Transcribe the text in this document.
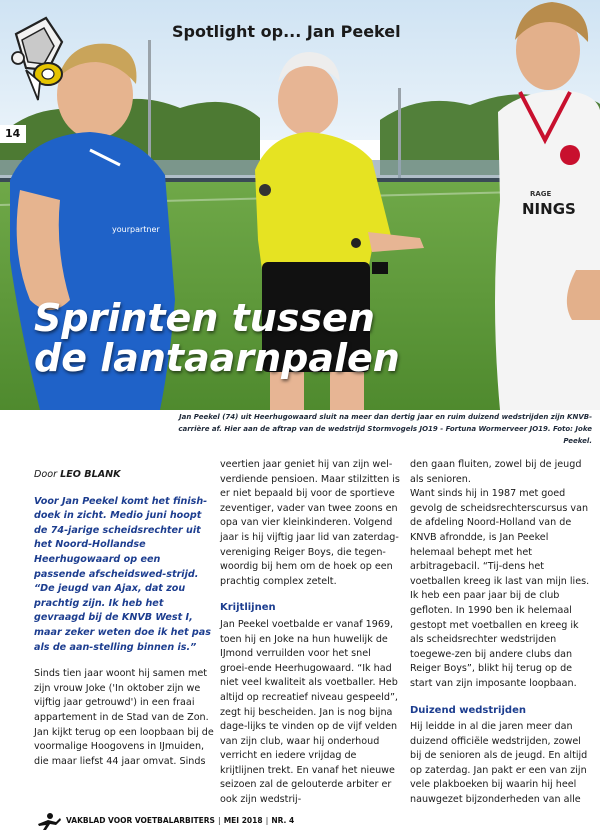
yourpartner
RAGE
NINGS
Spotlight op... Jan Peekel
14
Sprinten tussen
de lantaarnpalen

Jan Peekel (74) uit Heerhugowaard sluit na meer dan dertig jaar en ruim duizend wedstrijden zijn KNVB-carrière af. Hier aan de aftrap van de wedstrijd Stormvogels JO19 - Fortuna Wormerveer JO19. Foto: Joke Peekel.

Door LEO BLANK

Voor Jan Peekel komt het finish-doek in zicht. Medio juni hoopt de 74-jarige scheidsrechter uit het Noord-Hollandse Heerhugowaard op een passende afscheidswed-strijd. “De jeugd van Ajax, dat zou prachtig zijn. Ik heb het gevraagd bij de KNVB West I, maar zeker weten doe ik het pas als de aan-stelling binnen is.”

Sinds tien jaar woont hij samen met zijn vrouw Joke ('In oktober zijn we vijftig jaar getrouwd') in een fraai appartement in de Stad van de Zon. Jan kijkt terug op een loopbaan bij de voormalige Hoogovens in IJmuiden, die maar liefst 44 jaar omvat. Sinds

veertien jaar geniet hij van zijn wel-verdiende pensioen. Maar stilzitten is er niet bepaald bij voor de sportieve zeventiger, vader van twee zoons en opa van vier kleinkinderen. Volgend jaar is hij vijftig jaar lid van zaterdag-vereniging Reiger Boys, die tegen-woordig bij hem om de hoek op een prachtig complex zetelt.

Krijtlijnen

Jan Peekel voetbalde er vanaf 1969, toen hij en Joke na hun huwelijk de IJmond verruilden voor het snel groei-ende Heerhugowaard. “Ik had niet veel kwaliteit als voetballer. Heb altijd op recreatief niveau gespeeld”, zegt hij bescheiden. Jan is nog bijna dage-lijks te vinden op de vijf velden van zijn club, waar hij onderhoud verricht en iedere vrijdag de krijtlijnen trekt. En vanaf het nieuwe seizoen zal de gelouterde arbiter er ook zijn wedstrij-

den gaan fluiten, zowel bij de jeugd als senioren.

Want sinds hij in 1987 met goed gevolg de scheidsrechterscursus van de afdeling Noord-Holland van de KNVB afrondde, is Jan Peekel helemaal behept met het arbitragebacil. “Tij-dens het voetballen kreeg ik last van mijn lies. Ik heb een paar jaar bij de club gefloten. In 1990 ben ik helemaal gestopt met voetballen en kreeg ik als scheidsrechter wedstrijden toegewe-zen bij andere clubs dan Reiger Boys”, blikt hij terug op de start van zijn imposante loopbaan.

Duizend wedstrijden

Hij leidde in al die jaren meer dan duizend officiële wedstrijden, zowel bij de senioren als de jeugd. En altijd op zaterdag. Jan pakt er een van zijn vele plakboeken bij waarin hij heel nauwgezet bijzonderheden van alle

VAKBLAD VOOR VOETBALARBITERS | MEI 2018 | NR. 4
